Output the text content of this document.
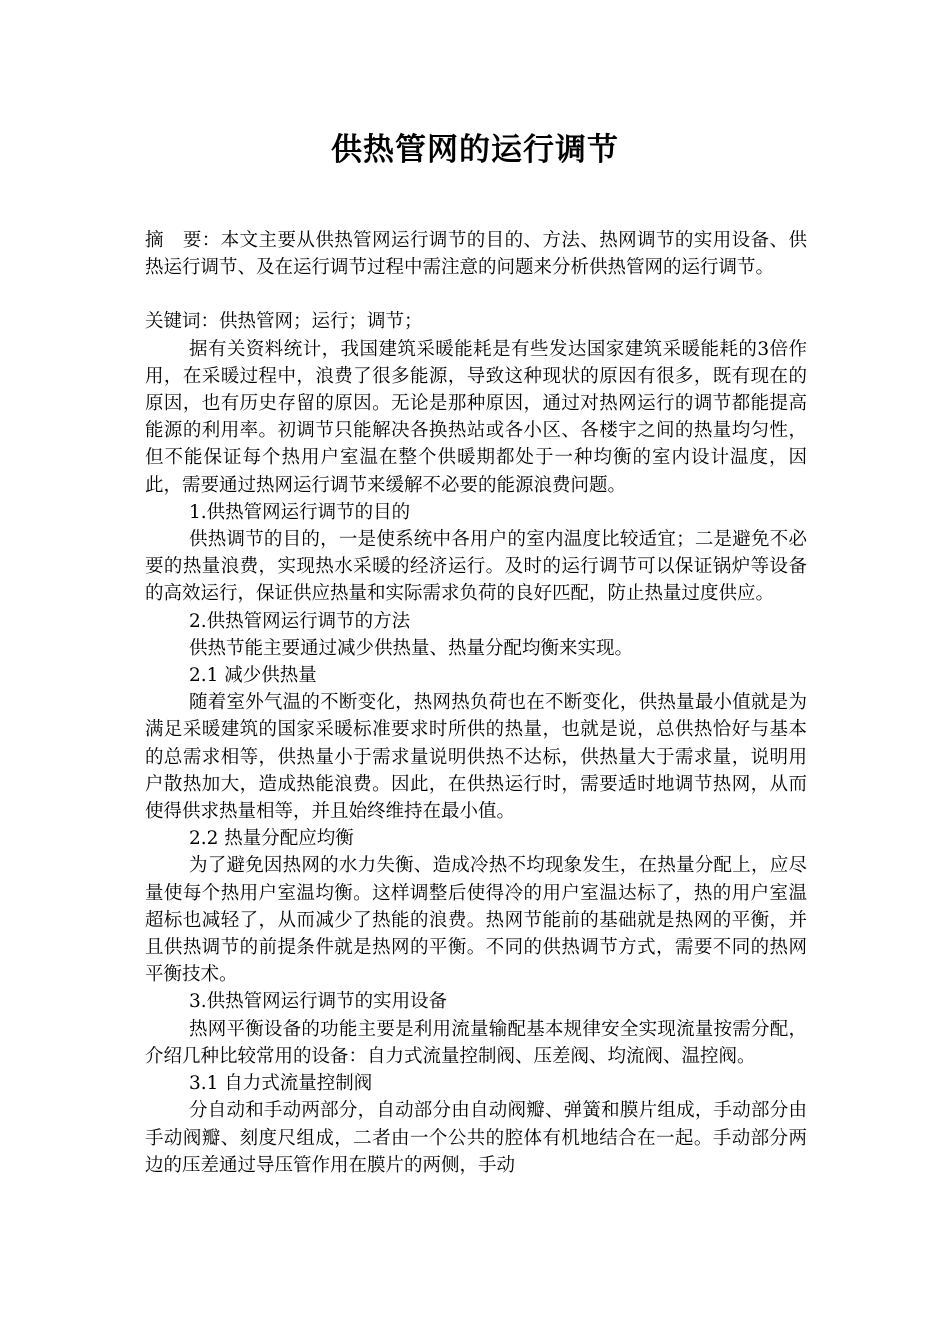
供热管网的运行调节

摘　要：本文主要从供热管网运行调节的目的、方法、热网调节的实用设备、供热运行调节、及在运行调节过程中需注意的问题来分析供热管网的运行调节。

关键词：供热管网；运行；调节；

据有关资料统计，我国建筑采暖能耗是有些发达国家建筑采暖能耗的3倍作用，在采暖过程中，浪费了很多能源，导致这种现状的原因有很多，既有现在的原因，也有历史存留的原因。无论是那种原因，通过对热网运行的调节都能提高能源的利用率。初调节只能解决各换热站或各小区、各楼宇之间的热量均匀性，但不能保证每个热用户室温在整个供暖期都处于一种均衡的室内设计温度，因此，需要通过热网运行调节来缓解不必要的能源浪费问题。

1.供热管网运行调节的目的

供热调节的目的，一是使系统中各用户的室内温度比较适宜；二是避免不必要的热量浪费，实现热水采暖的经济运行。及时的运行调节可以保证锅炉等设备的高效运行，保证供应热量和实际需求负荷的良好匹配，防止热量过度供应。

2.供热管网运行调节的方法

供热节能主要通过减少供热量、热量分配均衡来实现。

2.1 减少供热量

随着室外气温的不断变化，热网热负荷也在不断变化，供热量最小值就是为满足采暖建筑的国家采暖标准要求时所供的热量，也就是说，总供热恰好与基本的总需求相等，供热量小于需求量说明供热不达标，供热量大于需求量，说明用户散热加大，造成热能浪费。因此，在供热运行时，需要适时地调节热网，从而使得供求热量相等，并且始终维持在最小值。

2.2 热量分配应均衡

为了避免因热网的水力失衡、造成冷热不均现象发生，在热量分配上，应尽量使每个热用户室温均衡。这样调整后使得冷的用户室温达标了，热的用户室温超标也减轻了，从而减少了热能的浪费。热网节能前的基础就是热网的平衡，并且供热调节的前提条件就是热网的平衡。不同的供热调节方式，需要不同的热网平衡技术。

3.供热管网运行调节的实用设备

热网平衡设备的功能主要是利用流量输配基本规律安全实现流量按需分配，介绍几种比较常用的设备：自力式流量控制阀、压差阀、均流阀、温控阀。

3.1 自力式流量控制阀

分自动和手动两部分，自动部分由自动阀瓣、弹簧和膜片组成，手动部分由手动阀瓣、刻度尺组成，二者由一个公共的腔体有机地结合在一起。手动部分两边的压差通过导压管作用在膜片的两侧，手动
